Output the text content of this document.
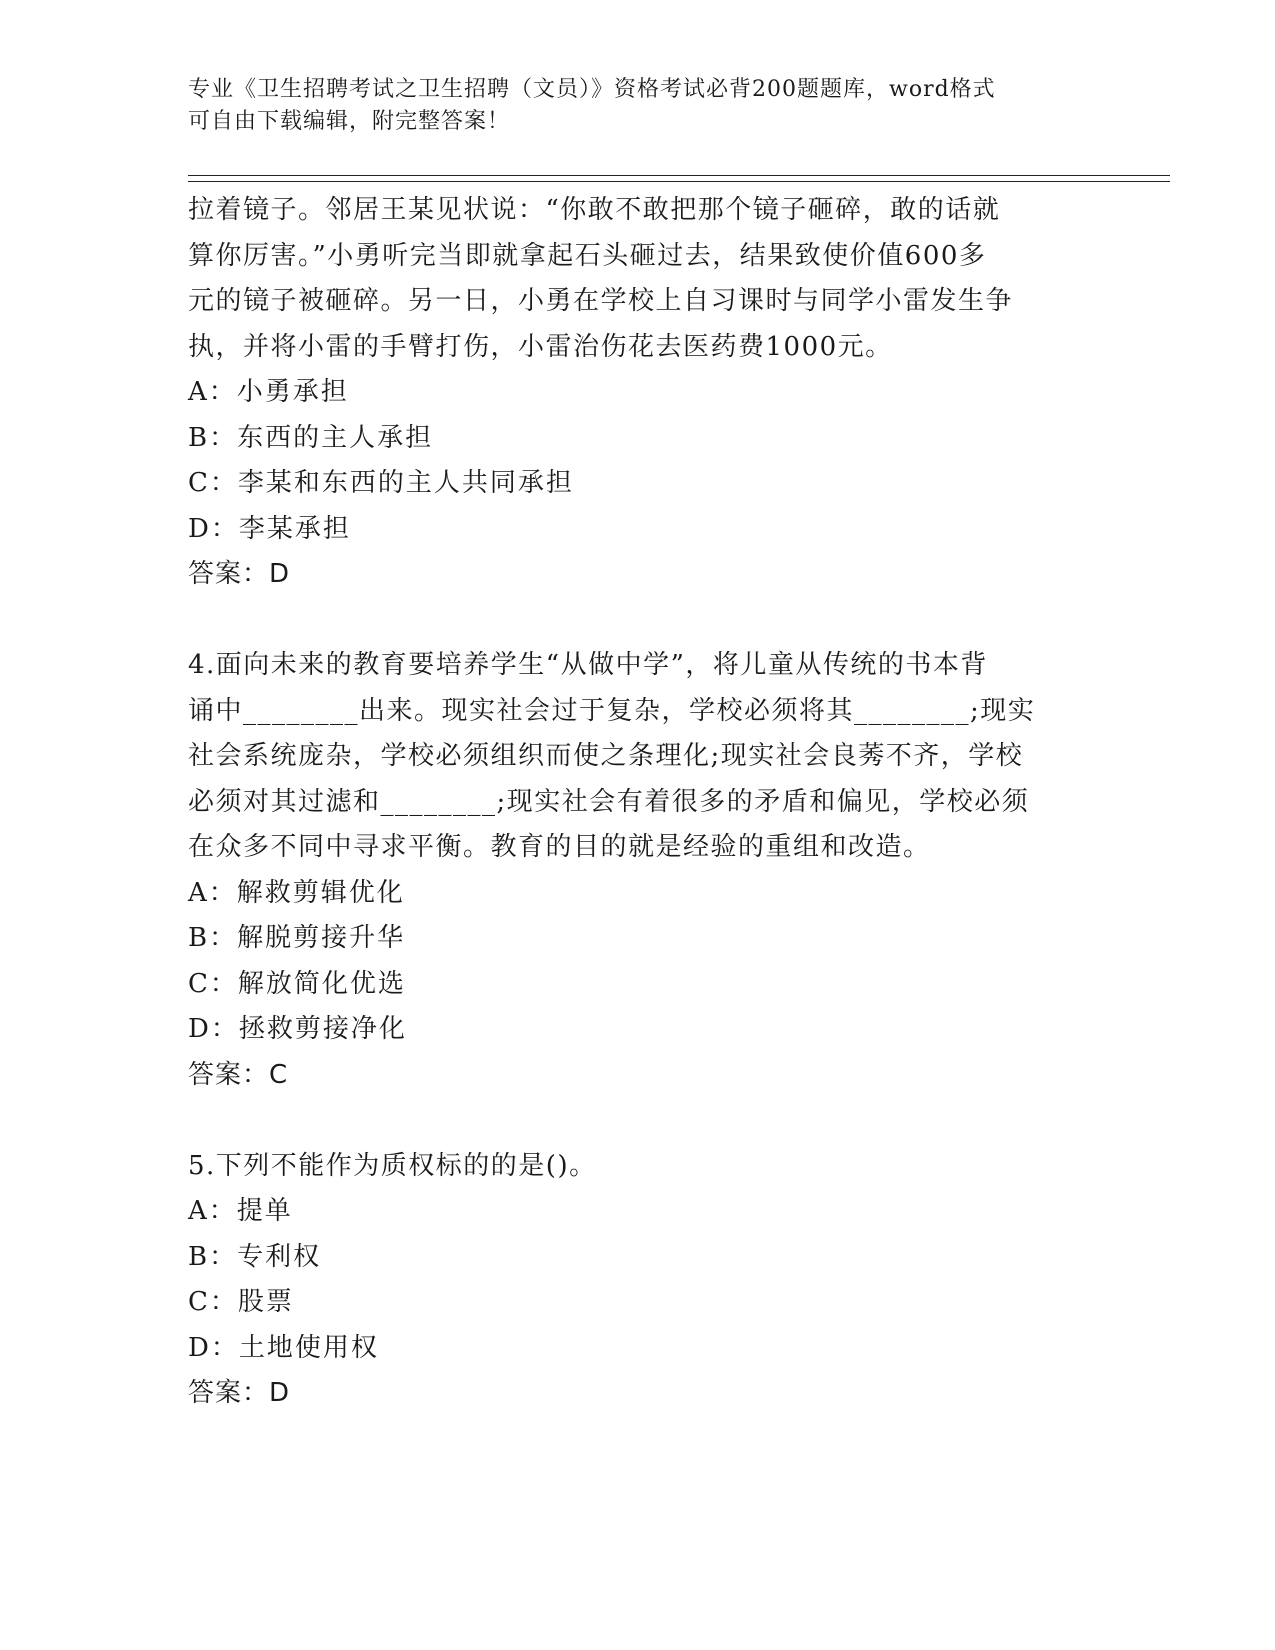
专业《卫生招聘考试之卫生招聘（文员）》资格考试必背200题题库，word格式
可自由下载编辑，附完整答案！
拉着镜子。邻居王某见状说：“你敢不敢把那个镜子砸碎，敢的话就
算你厉害。”小勇听完当即就拿起石头砸过去，结果致使价值600多
元的镜子被砸碎。另一日，小勇在学校上自习课时与同学小雷发生争
执，并将小雷的手臂打伤，小雷治伤花去医药费1000元。
A：小勇承担
B：东西的主人承担
C：李某和东西的主人共同承担
D：李某承担
答案：D
4.面向未来的教育要培养学生“从做中学”，将儿童从传统的书本背
诵中________出来。现实社会过于复杂，学校必须将其________;现实
社会系统庞杂，学校必须组织而使之条理化;现实社会良莠不齐，学校
必须对其过滤和________;现实社会有着很多的矛盾和偏见，学校必须
在众多不同中寻求平衡。教育的目的就是经验的重组和改造。
A：解救剪辑优化
B：解脱剪接升华
C：解放简化优选
D：拯救剪接净化
答案：C
5.下列不能作为质权标的的是()。
A：提单
B：专利权
C：股票
D：土地使用权
答案：D
